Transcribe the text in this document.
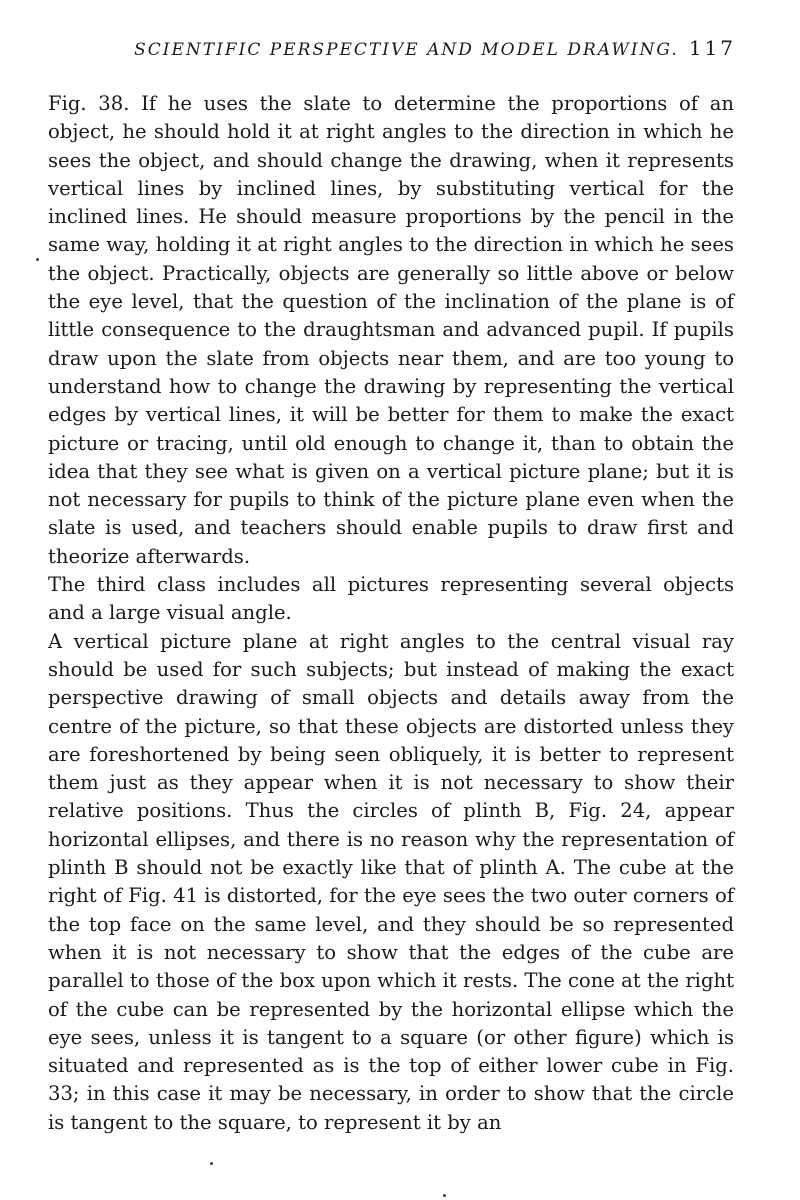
SCIENTIFIC PERSPECTIVE AND MODEL DRAWING. 117

Fig. 38. If he uses the slate to determine the proportions of an object, he should hold it at right angles to the direction in which he sees the object, and should change the drawing, when it represents vertical lines by inclined lines, by substituting vertical for the inclined lines. He should measure proportions by the pencil in the same way, holding it at right angles to the direction in which he sees the object. Practically, objects are generally so little above or below the eye level, that the question of the inclination of the plane is of little consequence to the draughtsman and advanced pupil. If pupils draw upon the slate from objects near them, and are too young to understand how to change the drawing by representing the vertical edges by vertical lines, it will be better for them to make the exact picture or tracing, until old enough to change it, than to obtain the idea that they see what is given on a vertical picture plane; but it is not necessary for pupils to think of the picture plane even when the slate is used, and teachers should enable pupils to draw first and theorize afterwards.

The third class includes all pictures representing several objects and a large visual angle.

A vertical picture plane at right angles to the central visual ray should be used for such subjects; but instead of making the exact perspective drawing of small objects and details away from the centre of the picture, so that these objects are distorted unless they are foreshortened by being seen obliquely, it is better to represent them just as they appear when it is not necessary to show their relative positions. Thus the circles of plinth B, Fig. 24, appear horizontal ellipses, and there is no reason why the representation of plinth B should not be exactly like that of plinth A. The cube at the right of Fig. 41 is distorted, for the eye sees the two outer corners of the top face on the same level, and they should be so represented when it is not necessary to show that the edges of the cube are parallel to those of the box upon which it rests. The cone at the right of the cube can be represented by the horizontal ellipse which the eye sees, unless it is tangent to a square (or other figure) which is situated and represented as is the top of either lower cube in Fig. 33; in this case it may be necessary, in order to show that the circle is tangent to the square, to represent it by an
